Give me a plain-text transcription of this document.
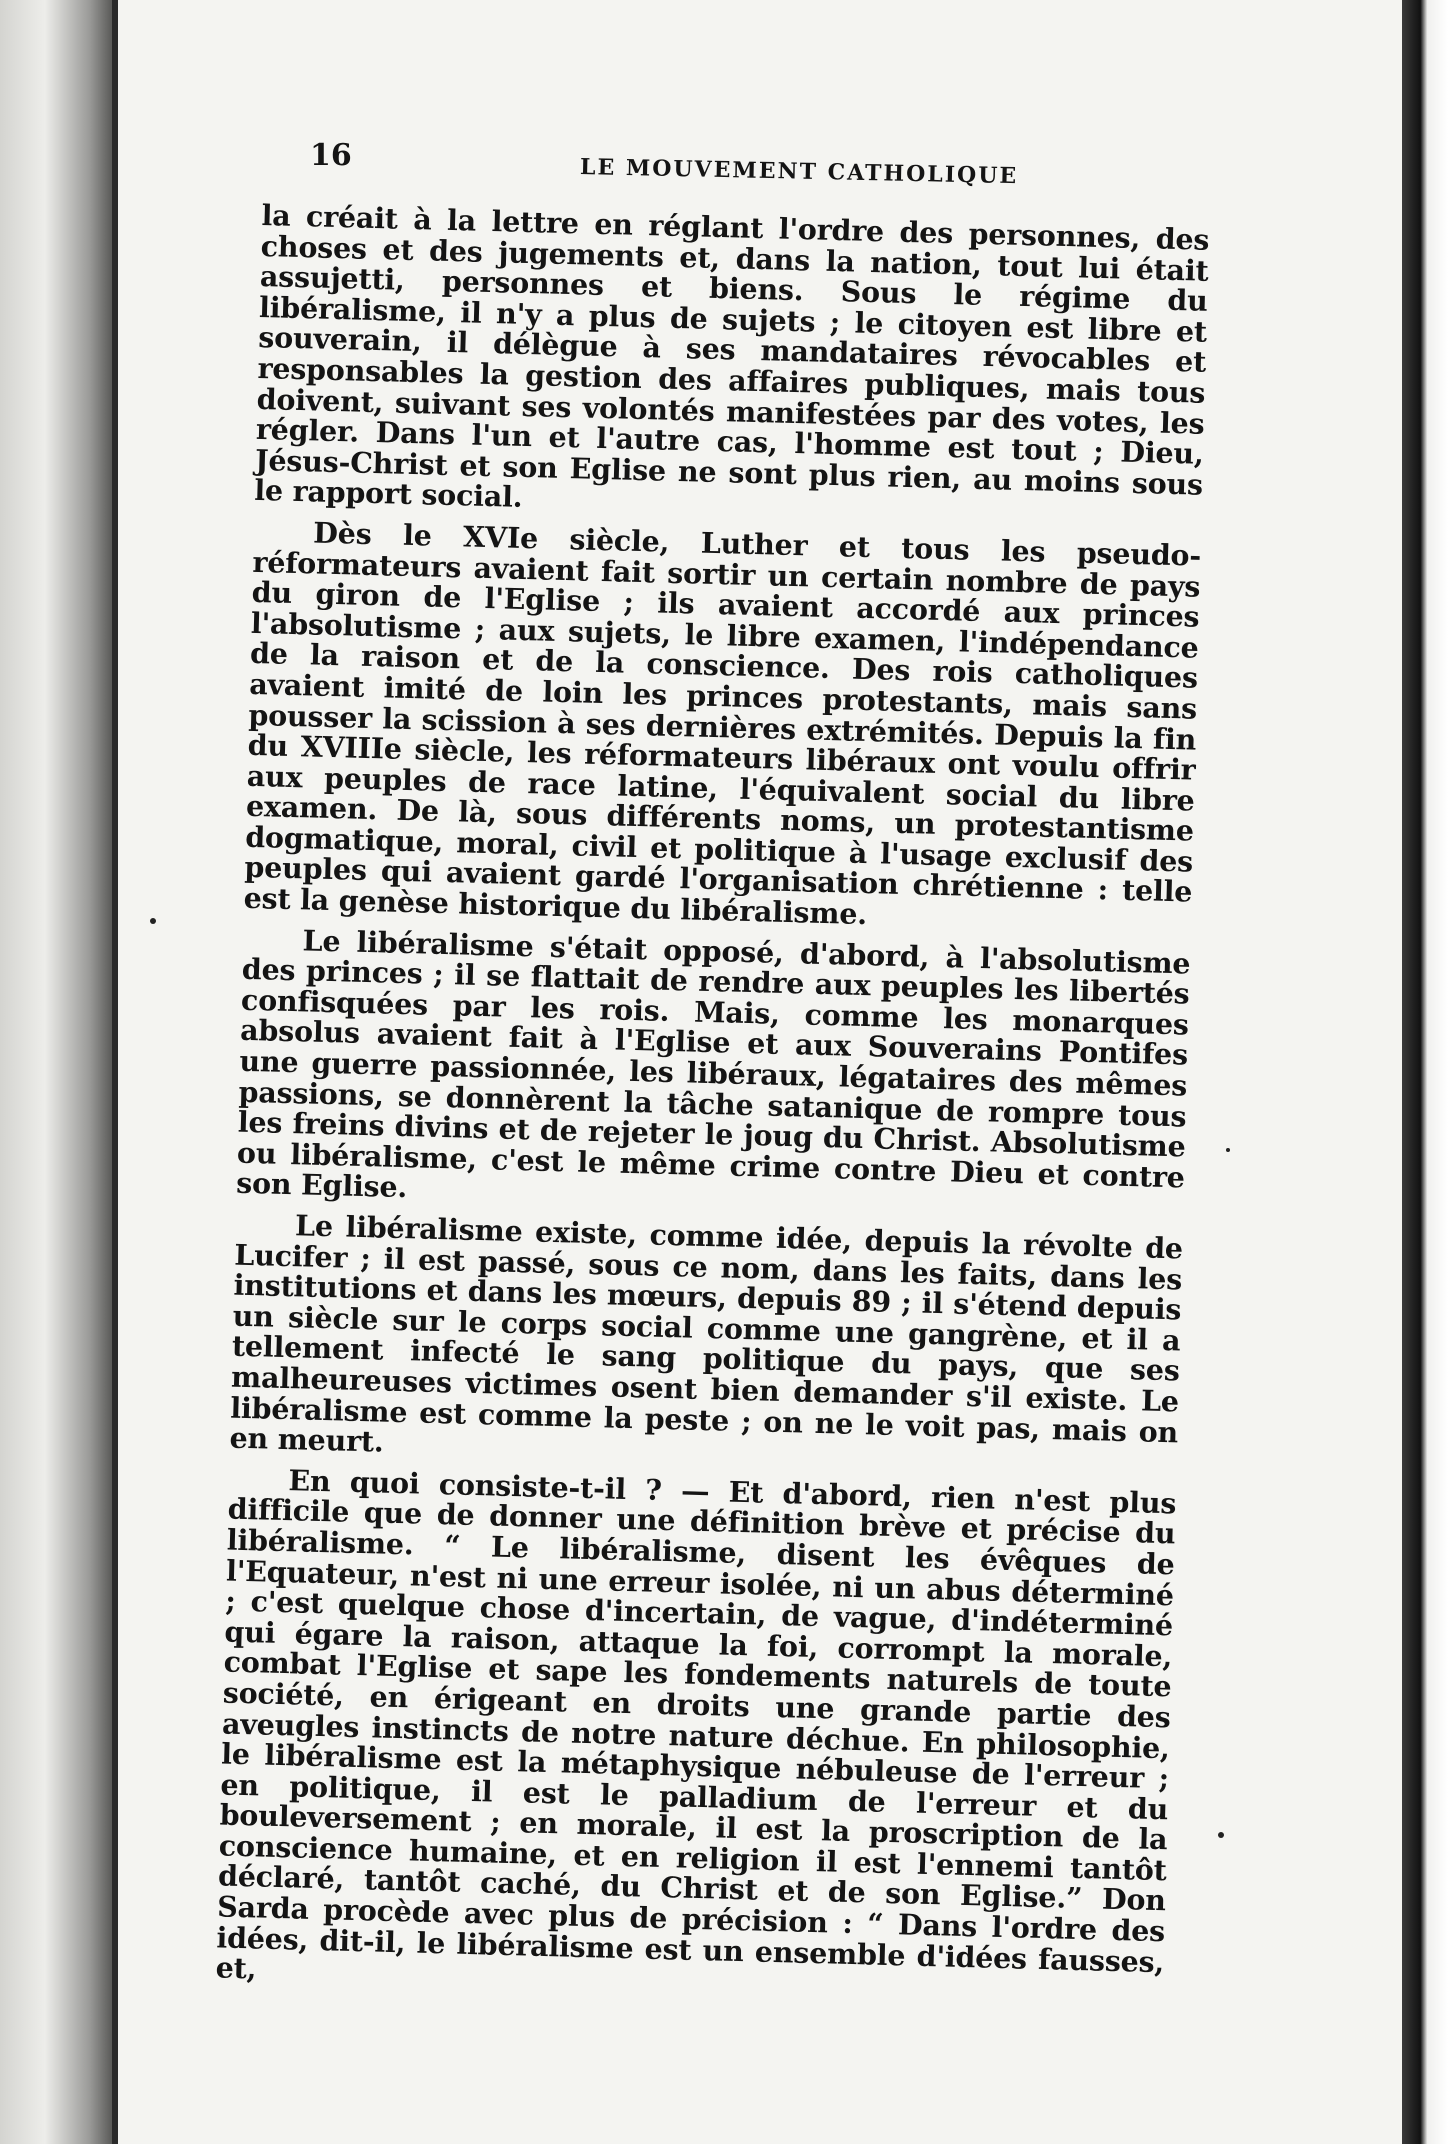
16	LE MOUVEMENT CATHOLIQUE

la créait à la lettre en réglant l'ordre des personnes, des choses et des jugements et, dans la nation, tout lui était assujetti, personnes et biens. Sous le régime du libéralisme, il n'y a plus de sujets ; le citoyen est libre et souverain, il délègue à ses mandataires révocables et responsables la gestion des affaires publiques, mais tous doivent, suivant ses volontés manifestées par des votes, les régler. Dans l'un et l'autre cas, l'homme est tout ; Dieu, Jésus-Christ et son Eglise ne sont plus rien, au moins sous le rapport social.

Dès le XVIe siècle, Luther et tous les pseudo-réformateurs avaient fait sortir un certain nombre de pays du giron de l'Eglise ; ils avaient accordé aux princes l'absolutisme ; aux sujets, le libre examen, l'indépendance de la raison et de la conscience. Des rois catholiques avaient imité de loin les princes protestants, mais sans pousser la scission à ses dernières extrémités. Depuis la fin du XVIIIe siècle, les réformateurs libéraux ont voulu offrir aux peuples de race latine, l'équivalent social du libre examen. De là, sous différents noms, un protestantisme dogmatique, moral, civil et politique à l'usage exclusif des peuples qui avaient gardé l'organisation chrétienne : telle est la genèse historique du libéralisme.

Le libéralisme s'était opposé, d'abord, à l'absolutisme des princes ; il se flattait de rendre aux peuples les libertés confisquées par les rois. Mais, comme les monarques absolus avaient fait à l'Eglise et aux Souverains Pontifes une guerre passionnée, les libéraux, légataires des mêmes passions, se donnèrent la tâche satanique de rompre tous les freins divins et de rejeter le joug du Christ. Absolutisme ou libéralisme, c'est le même crime contre Dieu et contre son Eglise.

Le libéralisme existe, comme idée, depuis la révolte de Lucifer ; il est passé, sous ce nom, dans les faits, dans les institutions et dans les mœurs, depuis 89 ; il s'étend depuis un siècle sur le corps social comme une gangrène, et il a tellement infecté le sang politique du pays, que ses malheureuses victimes osent bien demander s'il existe. Le libéralisme est comme la peste ; on ne le voit pas, mais on en meurt.

En quoi consiste-t-il ? — Et d'abord, rien n'est plus difficile que de donner une définition brève et précise du libéralisme. “ Le libéralisme, disent les évêques de l'Equateur, n'est ni une erreur isolée, ni un abus déterminé ; c'est quelque chose d'incertain, de vague, d'indéterminé qui égare la raison, attaque la foi, corrompt la morale, combat l'Eglise et sape les fondements naturels de toute société, en érigeant en droits une grande partie des aveugles instincts de notre nature déchue. En philosophie, le libéralisme est la métaphysique nébuleuse de l'erreur ; en politique, il est le palladium de l'erreur et du bouleversement ; en morale, il est la proscription de la conscience humaine, et en religion il est l'ennemi tantôt déclaré, tantôt caché, du Christ et de son Eglise.” Don Sarda procède avec plus de précision : “ Dans l'ordre des idées, dit-il, le libéralisme est un ensemble d'idées fausses, et,
